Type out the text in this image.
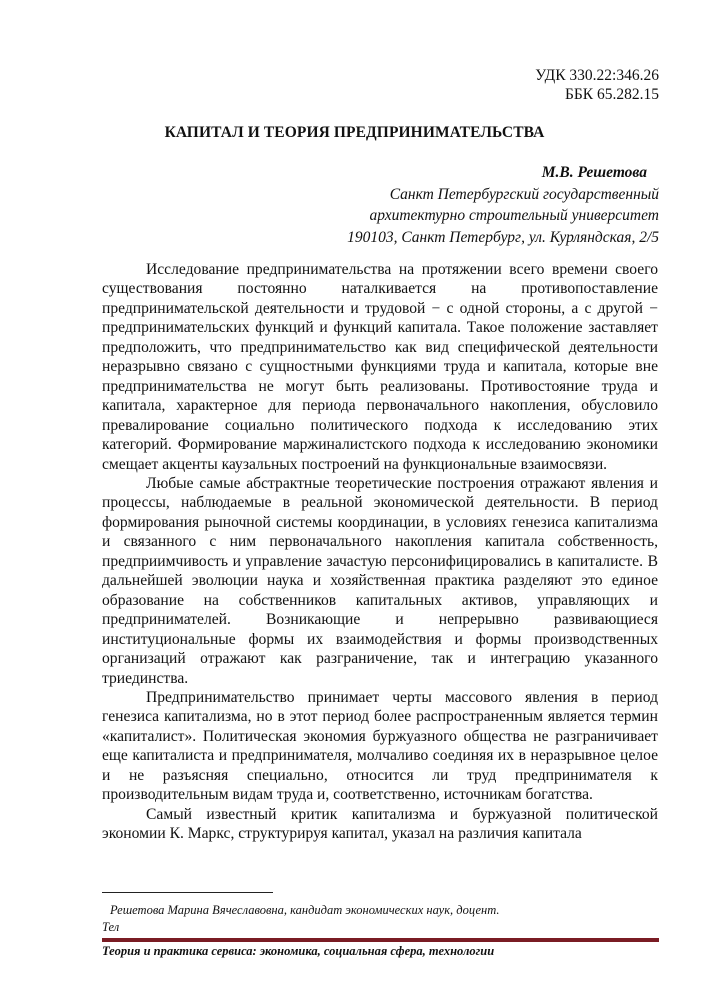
УДК 330.22:346.26
ББК 65.282.15
КАПИТАЛ И ТЕОРИЯ ПРЕДПРИНИМАТЕЛЬСТВА
М.В. Решетова
Санкт Петербургский государственный
архитектурно строительный университет
190103, Санкт Петербург, ул. Курляндская, 2/5

Исследование предпринимательства на протяжении всего времени своего существования постоянно наталкивается на противопоставление предпринимательской деятельности и трудовой − с одной стороны, а с другой − предпринимательских функций и функций капитала. Такое положение заставляет предположить, что предпринимательство как вид специфической деятельности неразрывно связано с сущностными функциями труда и капитала, которые вне предпринимательства не могут быть реализованы. Противостояние труда и капитала, характерное для периода первоначального накопления, обусловило превалирование социально политического подхода к исследованию этих категорий. Формирование маржиналистского подхода к исследованию экономики смещает акценты каузальных построений на функциональные взаимосвязи.

Любые самые абстрактные теоретические построения отражают явления и процессы, наблюдаемые в реальной экономической деятельности. В период формирования рыночной системы координации, в условиях генезиса капитализма и связанного с ним первоначального накопления капитала собственность, предприимчивость и управление зачастую персонифицировались в капиталисте. В дальнейшей эволюции наука и хозяйственная практика разделяют это единое образование на собственников капитальных активов, управляющих и предпринимателей. Возникающие и непрерывно развивающиеся институциональные формы их взаимодействия и формы производственных организаций отражают как разграничение, так и интеграцию указанного триединства.

Предпринимательство принимает черты массового явления в период генезиса капитализма, но в этот период более распространенным является термин «капиталист». Политическая экономия буржуазного общества не разграничивает еще капиталиста и предпринимателя, молчаливо соединяя их в неразрывное целое и не разъясняя специально, относится ли труд предпринимателя к производительным видам труда и, соответственно, источникам богатства.

Самый известный критик капитализма и буржуазной политической экономии К. Маркс, структурируя капитал, указал на различия капитала

Решетова Марина Вячеславовна, кандидат экономических наук, доцент.
Тел
Теория и практика сервиса: экономика, социальная сфера, технологии
